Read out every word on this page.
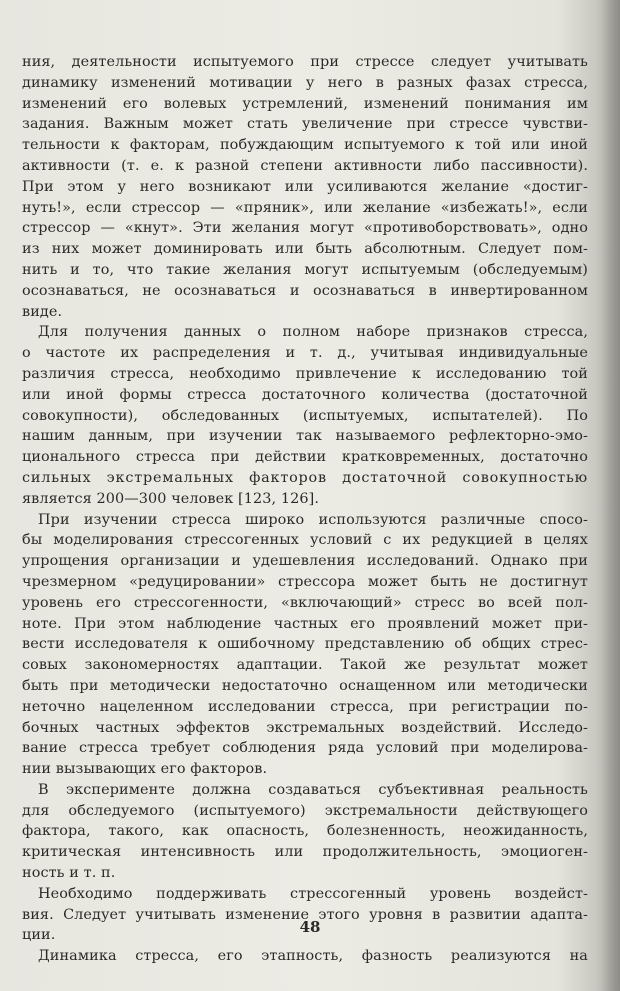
ния, деятельности испытуемого при стрессе следует учитывать
динамику изменений мотивации у него в разных фазах стресса,
изменений его волевых устремлений, изменений понимания им
задания. Важным может стать увеличение при стрессе чувстви-
тельности к факторам, побуждающим испытуемого к той или иной
активности (т. е. к разной степени активности либо пассивности).
При этом у него возникают или усиливаются желание «достиг-
нуть!», если стрессор — «пряник», или желание «избежать!», если
стрессор — «кнут». Эти желания могут «противоборствовать», одно
из них может доминировать или быть абсолютным. Следует пом-
нить и то, что такие желания могут испытуемым (обследуемым)
осознаваться, не осознаваться и осознаваться в инвертированном
виде.
Для получения данных о полном наборе признаков стресса,
о частоте их распределения и т. д., учитывая индивидуальные
различия стресса, необходимо привлечение к исследованию той
или иной формы стресса достаточного количества (достаточной
совокупности), обследованных (испытуемых, испытателей). По
нашим данным, при изучении так называемого рефлекторно-эмо-
ционального стресса при действии кратковременных, достаточно
сильных экстремальных факторов достаточной совокупностью
является 200—300 человек [123, 126].
При изучении стресса широко используются различные спосо-
бы моделирования стрессогенных условий с их редукцией в целях
упрощения организации и удешевления исследований. Однако при
чрезмерном «редуцировании» стрессора может быть не достигнут
уровень его стрессогенности, «включающий» стресс во всей пол-
ноте. При этом наблюдение частных его проявлений может при-
вести исследователя к ошибочному представлению об общих стрес-
совых закономерностях адаптации. Такой же результат может
быть при методически недостаточно оснащенном или методически
неточно нацеленном исследовании стресса, при регистрации по-
бочных частных эффектов экстремальных воздействий. Исследо-
вание стресса требует соблюдения ряда условий при моделирова-
нии вызывающих его факторов.
В эксперименте должна создаваться субъективная реальность
для обследуемого (испытуемого) экстремальности действующего
фактора, такого, как опасность, болезненность, неожиданность,
критическая интенсивность или продолжительность, эмоциоген-
ность и т. п.
Необходимо поддерживать стрессогенный уровень воздейст-
вия. Следует учитывать изменение этого уровня в развитии адапта-
ции.
Динамика стресса, его этапность, фазность реализуются на
48
